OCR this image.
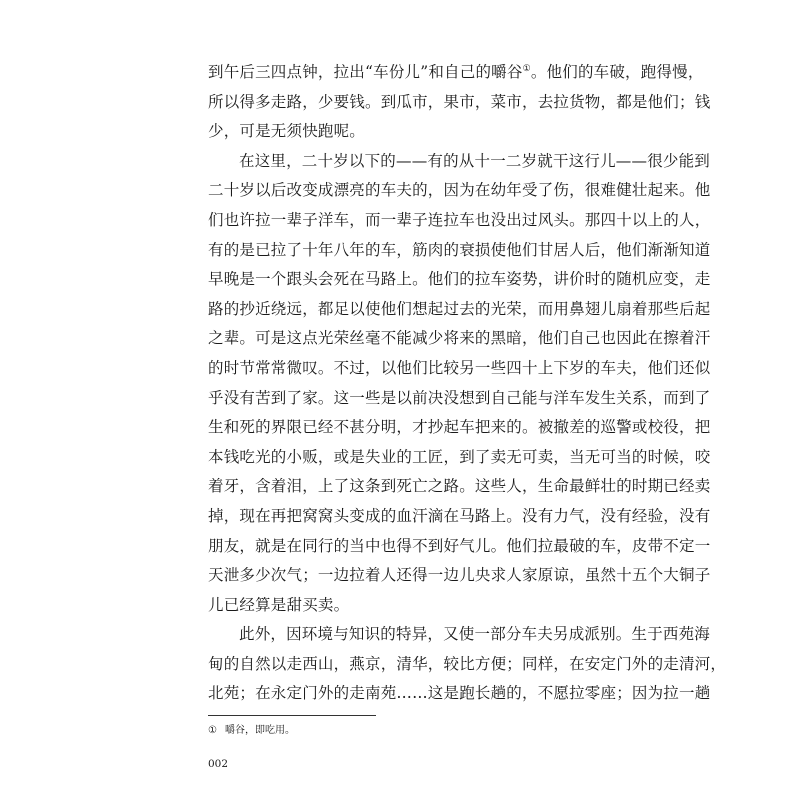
到午后三四点钟，拉出“车份儿”和自己的嚼谷①。他们的车破，跑得慢，
所以得多走路，少要钱。到瓜市，果市，菜市，去拉货物，都是他们；钱
少，可是无须快跑呢。
在这里，二十岁以下的——有的从十一二岁就干这行儿——很少能到
二十岁以后改变成漂亮的车夫的，因为在幼年受了伤，很难健壮起来。他
们也许拉一辈子洋车，而一辈子连拉车也没出过风头。那四十以上的人，
有的是已拉了十年八年的车，筋肉的衰损使他们甘居人后，他们渐渐知道
早晚是一个跟头会死在马路上。他们的拉车姿势，讲价时的随机应变，走
路的抄近绕远，都足以使他们想起过去的光荣，而用鼻翅儿扇着那些后起
之辈。可是这点光荣丝毫不能减少将来的黑暗，他们自己也因此在擦着汗
的时节常常微叹。不过，以他们比较另一些四十上下岁的车夫，他们还似
乎没有苦到了家。这一些是以前决没想到自己能与洋车发生关系，而到了
生和死的界限已经不甚分明，才抄起车把来的。被撤差的巡警或校役，把
本钱吃光的小贩，或是失业的工匠，到了卖无可卖，当无可当的时候，咬
着牙，含着泪，上了这条到死亡之路。这些人，生命最鲜壮的时期已经卖
掉，现在再把窝窝头变成的血汗滴在马路上。没有力气，没有经验，没有
朋友，就是在同行的当中也得不到好气儿。他们拉最破的车，皮带不定一
天泄多少次气；一边拉着人还得一边儿央求人家原谅，虽然十五个大铜子
儿已经算是甜买卖。
此外，因环境与知识的特异，又使一部分车夫另成派别。生于西苑海
甸的自然以走西山，燕京，清华，较比方便；同样，在安定门外的走清河，
北苑；在永定门外的走南苑……这是跑长趟的，不愿拉零座；因为拉一趟
① 嚼谷，即吃用。
002
